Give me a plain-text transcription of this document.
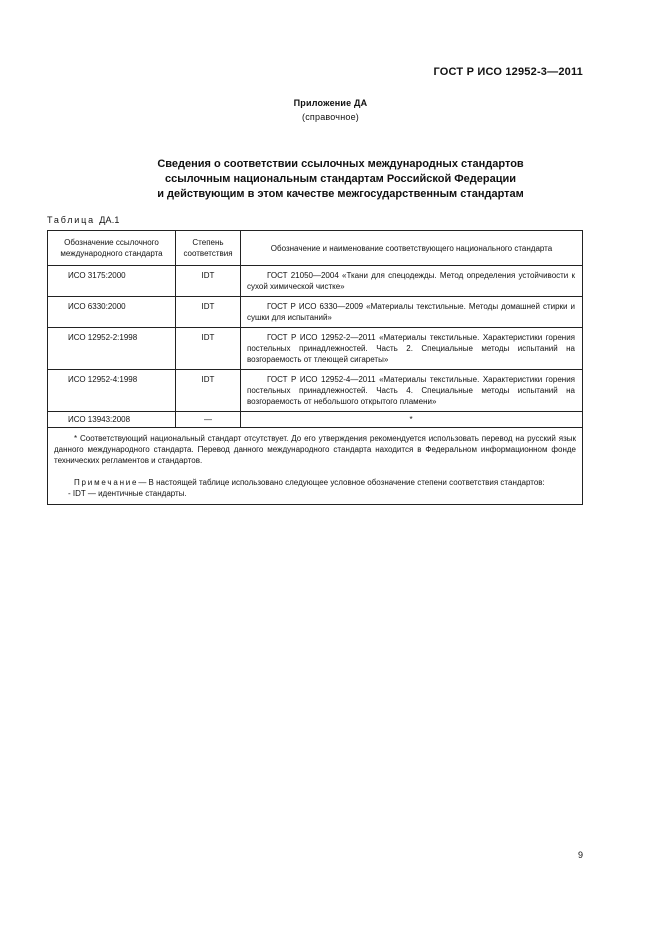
ГОСТ Р ИСО 12952-3—2011
Приложение ДА
(справочное)
Сведения о соответствии ссылочных международных стандартов
ссылочным национальным стандартам Российской Федерации
и действующим в этом качестве межгосударственным стандартам
Таблица ДА.1
Обозначение ссылочного международного стандарта	Степень соответствия	Обозначение и наименование соответствующего национального стандарта
ИСО 3175:2000	IDT	ГОСТ 21050—2004 «Ткани для спецодежды. Метод определения устойчивости к сухой химической чистке»
ИСО 6330:2000	IDT	ГОСТ Р ИСО 6330—2009 «Материалы текстильные. Методы домашней стирки и сушки для испытаний»
ИСО 12952-2:1998	IDT	ГОСТ Р ИСО 12952-2—2011 «Материалы текстильные. Характеристики горения постельных принадлежностей. Часть 2. Специальные методы испытаний на возгораемость от тлеющей сигареты»
ИСО 12952-4:1998	IDT	ГОСТ Р ИСО 12952-4—2011 «Материалы текстильные. Характеристики горения постельных принадлежностей. Часть 4. Специальные методы испытаний на возгораемость от небольшого открытого пламени»
ИСО 13943:2008	—	*

* Соответствующий национальный стандарт отсутствует. До его утверждения рекомендуется использовать перевод на русский язык данного международного стандарта. Перевод данного международного стандарта находится в Федеральном информационном фонде технических регламентов и стандартов.

Примечание— В настоящей таблице использовано следующее условное обозначение степени соответствия стандартов:

- IDT — идентичные стандарты.		

9
